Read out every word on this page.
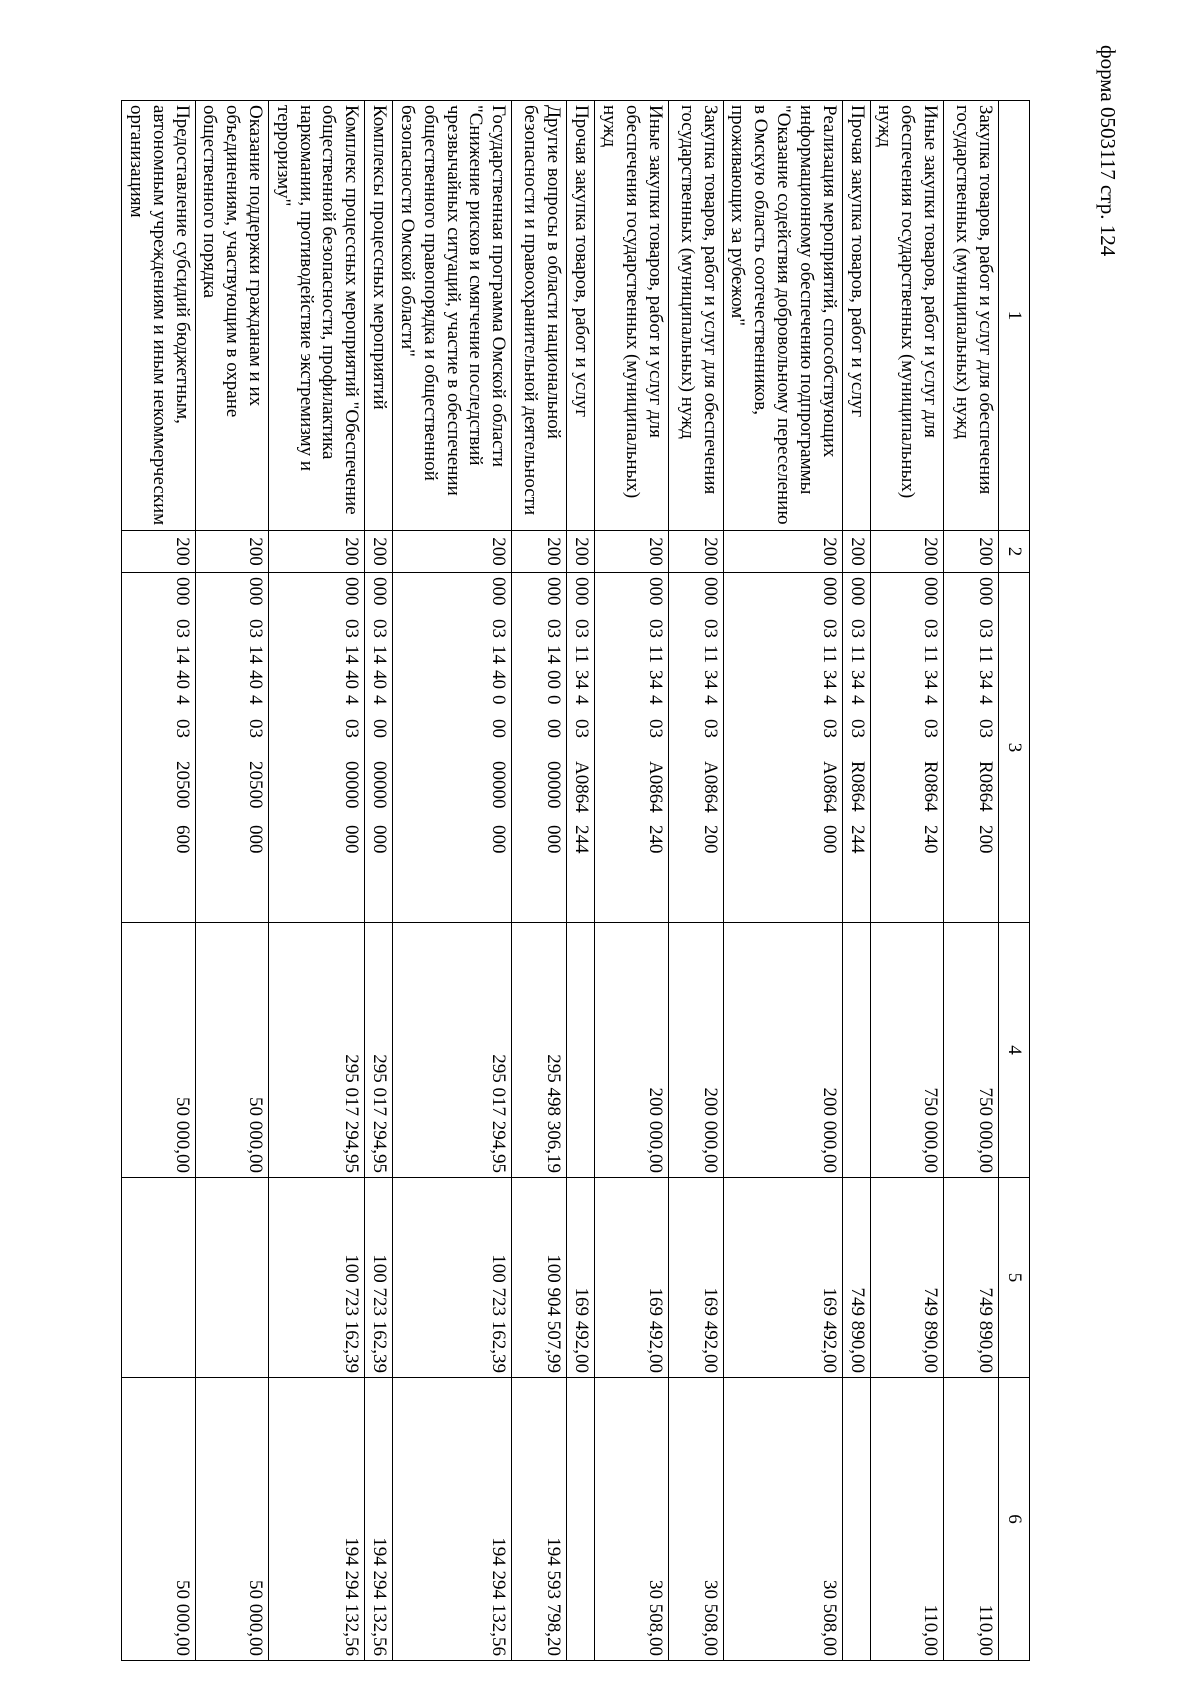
форма 0503117 стр. 124
1	2	3	4	5	6
Закупка товаров, работ и услуг для обеспечения государственных (муниципальных) нужд	200	000031134403R0864200	750 000,00	749 890,00	110,00
Иные закупки товаров, работ и услуг для обеспечения государственных (муниципальных) нужд	200	000031134403R0864240	750 000,00	749 890,00	110,00
Прочая закупка товаров, работ и услуг	200	000031134403R0864244		749 890,00	
Реализация мероприятий, способствующих информационному обеспечению подпрограммы "Оказание содействия добровольному переселению в Омскую область соотечественников, проживающих за рубежом"	200	000031134403A0864000	200 000,00	169 492,00	30 508,00
Закупка товаров, работ и услуг для обеспечения государственных (муниципальных) нужд	200	000031134403A0864200	200 000,00	169 492,00	30 508,00
Иные закупки товаров, работ и услуг для обеспечения государственных (муниципальных) нужд	200	000031134403A0864240	200 000,00	169 492,00	30 508,00
Прочая закупка товаров, работ и услуг	200	000031134403A0864244		169 492,00	
Другие вопросы в области национальной безопасности и правоохранительной деятельности	200	00003140000000000000	295 498 306,19	100 904 507,99	194 593 798,20
Государственная программа Омской области "Снижение рисков и смягчение последствий чрезвычайных ситуаций, участие в обеспечении общественного правопорядка и общественной безопасности Омской области"	200	00003144000000000000	295 017 294,95	100 723 162,39	194 294 132,56
Комплексы процессных мероприятий	200	00003144040000000000	295 017 294,95	100 723 162,39	194 294 132,56
Комплекс процессных мероприятий "Обеспечение общественной безопасности, профилактика наркомании, противодействие экстремизму и терроризму"	200	00003144040300000000	295 017 294,95	100 723 162,39	194 294 132,56
Оказание поддержки гражданам и их объединениям, участвующим в охране общественного порядка	200	00003144040320500000	50 000,00		50 000,00
Предоставление субсидий бюджетным, автономным учреждениям и иным некоммерческим организациям	200	00003144040320500600	50 000,00		50 000,00
